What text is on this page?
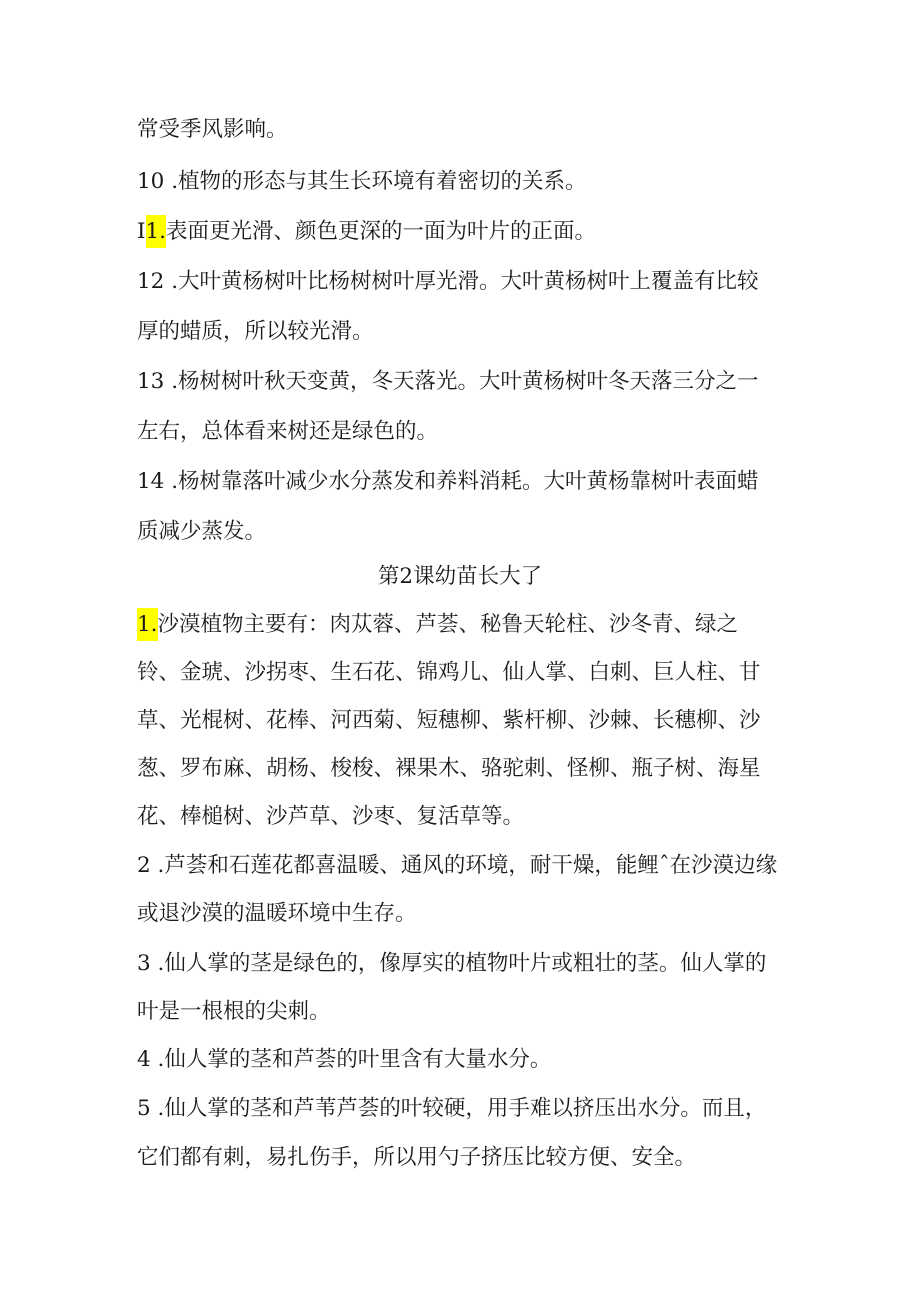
常受季风影响。
10 .植物的形态与其生长环境有着密切的关系。
I1.表面更光滑、颜色更深的一面为叶片的正面。
12 .大叶黄杨树叶比杨树树叶厚光滑。大叶黄杨树叶上覆盖有比较
厚的蜡质，所以较光滑。
13 .杨树树叶秋天变黄，冬天落光。大叶黄杨树叶冬天落三分之一
左右，总体看来树还是绿色的。
14 .杨树靠落叶减少水分蒸发和养料消耗。大叶黄杨靠树叶表面蜡
质减少蒸发。
第2课幼苗长大了
1.沙漠植物主要有：肉苁蓉、芦荟、秘鲁天轮柱、沙冬青、绿之
铃、金琥、沙拐枣、生石花、锦鸡儿、仙人掌、白刺、巨人柱、甘
草、光棍树、花棒、河西菊、短穗柳、紫杆柳、沙棘、长穗柳、沙
葱、罗布麻、胡杨、梭梭、裸果木、骆驼刺、怪柳、瓶子树、海星
花、棒槌树、沙芦草、沙枣、复活草等。
2 .芦荟和石莲花都喜温暖、通风的环境，耐干燥，能鲤ˆ在沙漠边缘
或退沙漠的温暖环境中生存。
3 .仙人掌的茎是绿色的，像厚实的植物叶片或粗壮的茎。仙人掌的
叶是一根根的尖刺。
4 .仙人掌的茎和芦荟的叶里含有大量水分。
5 .仙人掌的茎和芦苇芦荟的叶较硬，用手难以挤压出水分。而且，
它们都有刺，易扎伤手，所以用勺子挤压比较方便、安全。
